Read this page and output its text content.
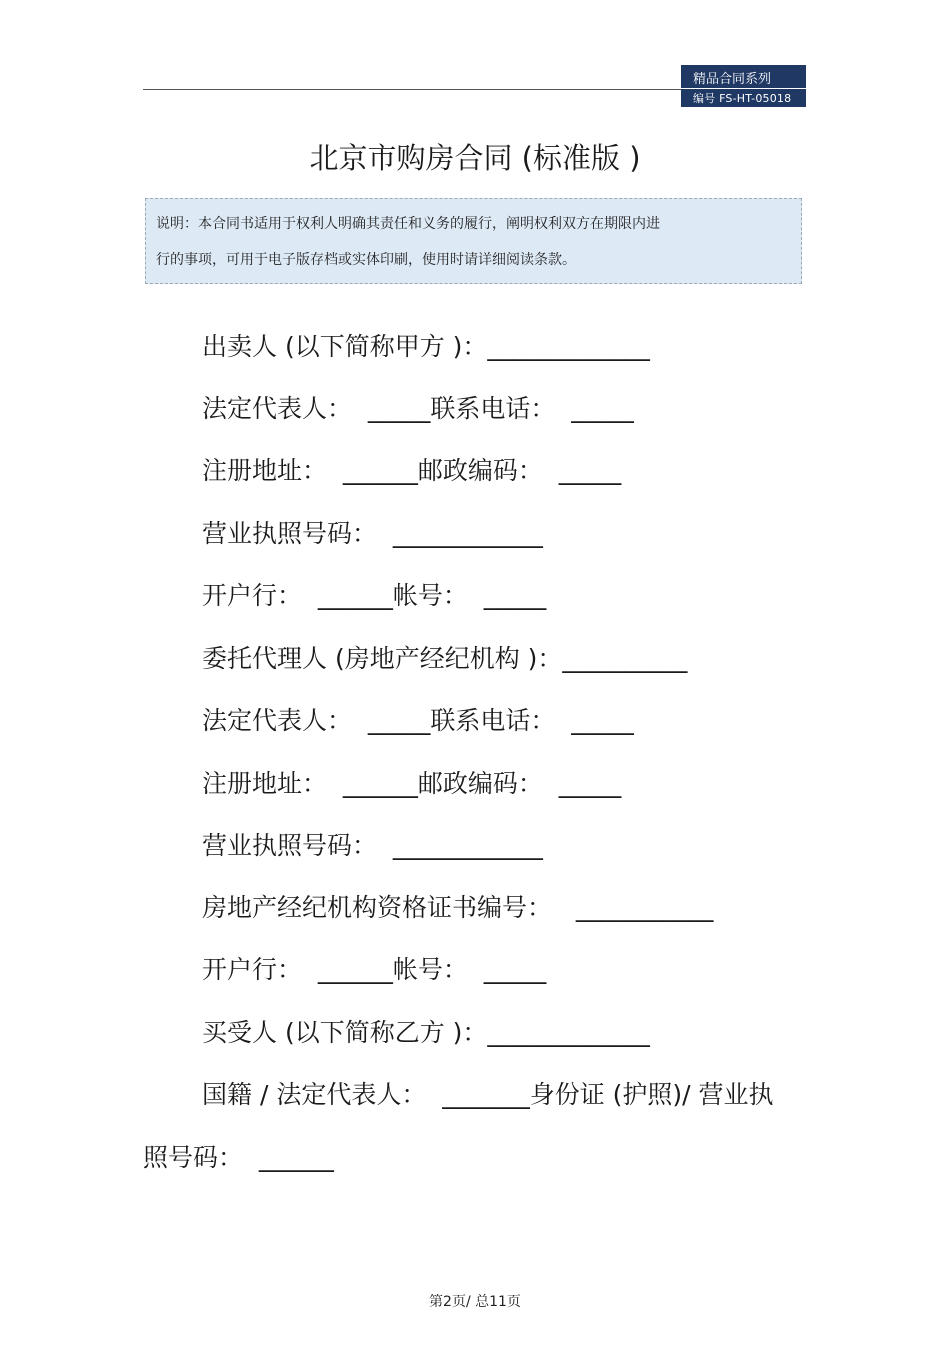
精品合同系列
编号 FS-HT-05018
北京市购房合同 (标准版 )
说明：本合同书适用于权利人明确其责任和义务的履行，阐明权利双方在期限内进
行的事项，可用于电子版存档或实体印刷，使用时请详细阅读条款。
出卖人 (以下简称甲方 )：_____________
法定代表人：  _____联系电话：  _____
注册地址：  ______邮政编码：  _____
营业执照号码：  ____________
开户行：  ______帐号：  _____
委托代理人 (房地产经纪机构 )：__________
法定代表人：  _____联系电话：  _____
注册地址：  ______邮政编码：  _____
营业执照号码：  ____________
房地产经纪机构资格证书编号：   ___________
开户行：  ______帐号：  _____
买受人 (以下简称乙方 )：_____________
国籍 / 法定代表人：  _______身份证 (护照)/ 营业执
照号码：  ______
第2页/ 总11页
